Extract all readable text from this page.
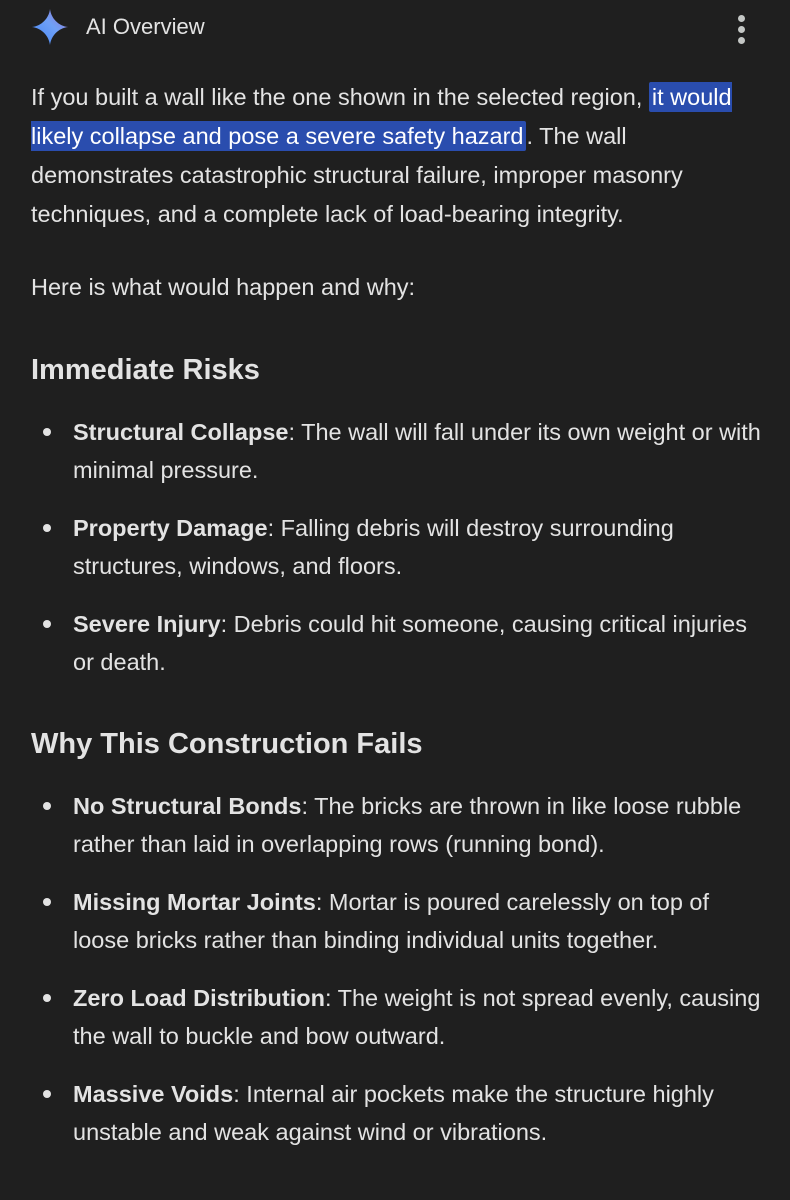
AI Overview

If you built a wall like the one shown in the selected region, it would likely collapse and pose a severe safety hazard . The wall demonstrates catastrophic structural failure, improper masonry techniques, and a complete lack of load-bearing integrity.

Here is what would happen and why:

Immediate Risks
Structural Collapse: The wall will fall under its own weight or with minimal pressure.
Property Damage: Falling debris will destroy surrounding structures, windows, and floors.
Severe Injury: Debris could hit someone, causing critical injuries or death.
Why This Construction Fails
No Structural Bonds: The bricks are thrown in like loose rubble rather than laid in overlapping rows (running bond).
Missing Mortar Joints: Mortar is poured carelessly on top of loose bricks rather than binding individual units together.
Zero Load Distribution: The weight is not spread evenly, causing the wall to buckle and bow outward.
Massive Voids: Internal air pockets make the structure highly unstable and weak against wind or vibrations.
